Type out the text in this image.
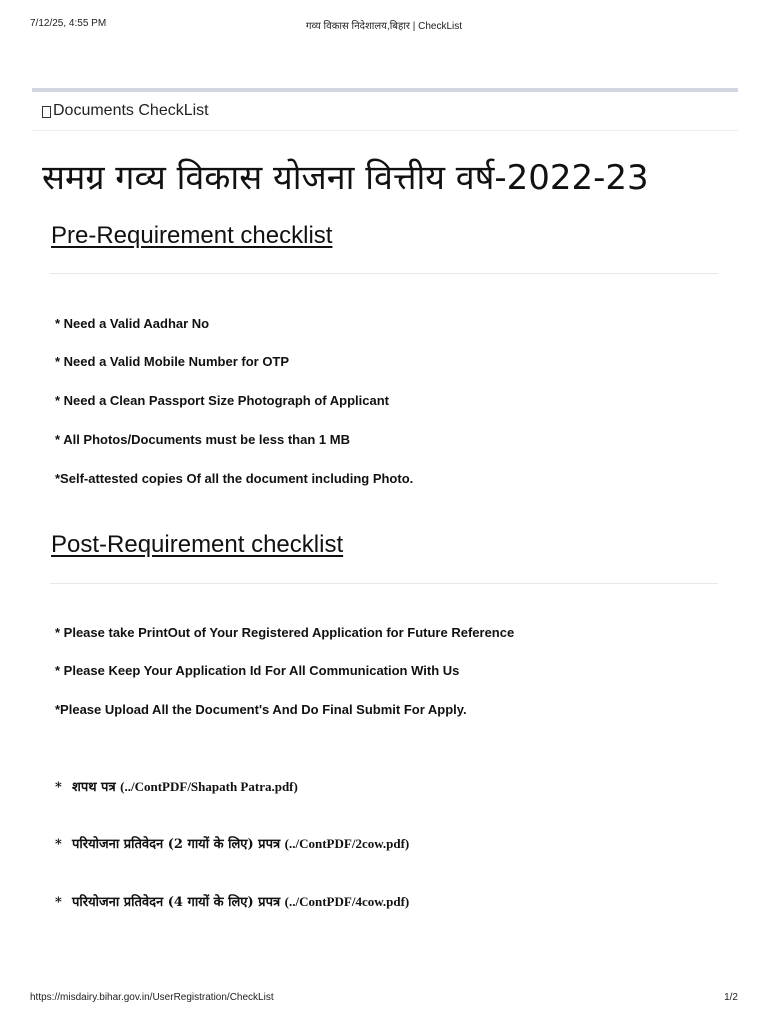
7/12/25, 4:55 PM	गव्य विकास निदेशालय,बिहार | CheckList
Documents CheckList
समग्र गव्य विकास योजना वित्तीय वर्ष-2022-23
Pre-Requirement checklist

* Need a Valid Aadhar No

* Need a Valid Mobile Number for OTP

* Need a Clean Passport Size Photograph of Applicant

* All Photos/Documents must be less than 1 MB

*Self-attested copies Of all the document including Photo.

Post-Requirement checklist

* Please take PrintOut of Your Registered Application for Future Reference

* Please Keep Your Application Id For All Communication With Us

*Please Upload All the Document's And Do Final Submit For Apply.

* शपथ पत्र (../ContPDF/Shapath Patra.pdf)

* परियोजना प्रतिवेदन (2 गायों के लिए) प्रपत्र (../ContPDF/2cow.pdf)

* परियोजना प्रतिवेदन (4 गायों के लिए) प्रपत्र (../ContPDF/4cow.pdf)

https://misdairy.bihar.gov.in/UserRegistration/CheckList	1/2
